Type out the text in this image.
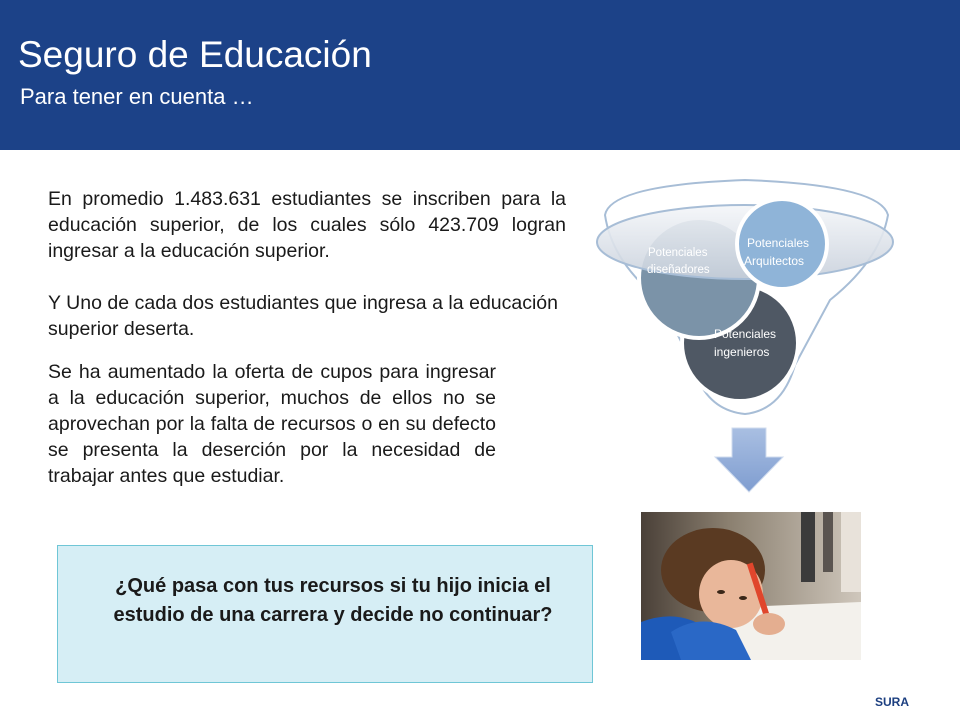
Seguro de Educación
Para tener en cuenta …

En promedio 1.483.631 estudiantes se inscriben para la educación superior, de los cuales sólo 423.709 logran ingresar a la educación superior.

Y Uno de cada dos estudiantes que ingresa a la educación superior deserta.

Se ha aumentado la oferta de cupos para ingresar a la educación superior, muchos de ellos no se aprovechan por la falta de recursos o en su defecto se presenta la deserción por la necesidad de trabajar antes que estudiar.

¿Qué pasa con tus recursos si tu hijo inicia el estudio de una carrera y decide no continuar?
Potenciales
diseñadores
Potenciales
Arquitectos
Potenciales
ingenieros
SURA
